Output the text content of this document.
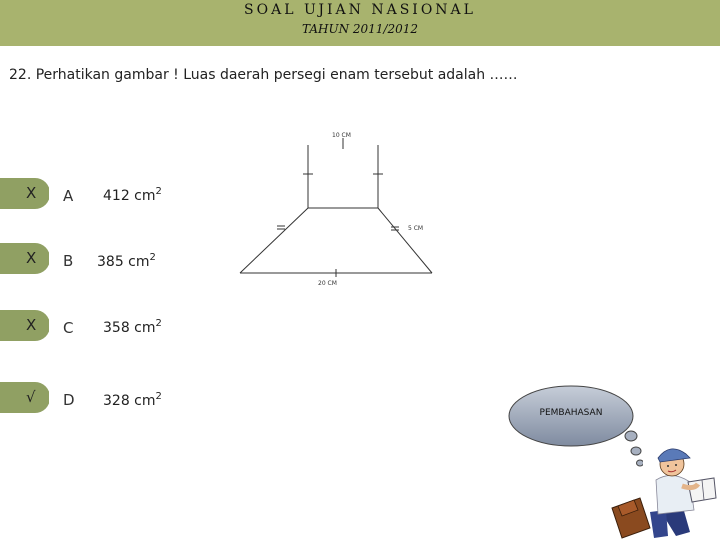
SOAL UJIAN NASIONAL
TAHUN 2011/2012
22. Perhatikan gambar ! Luas daerah persegi enam tersebut adalah ……
X	A	412 $cm^2$
X	B	385 $cm^2$
X	C	358 $cm^2$
√	D	328 $cm^2$
10 CM
5 CM
20 CM
PEMBAHASAN
